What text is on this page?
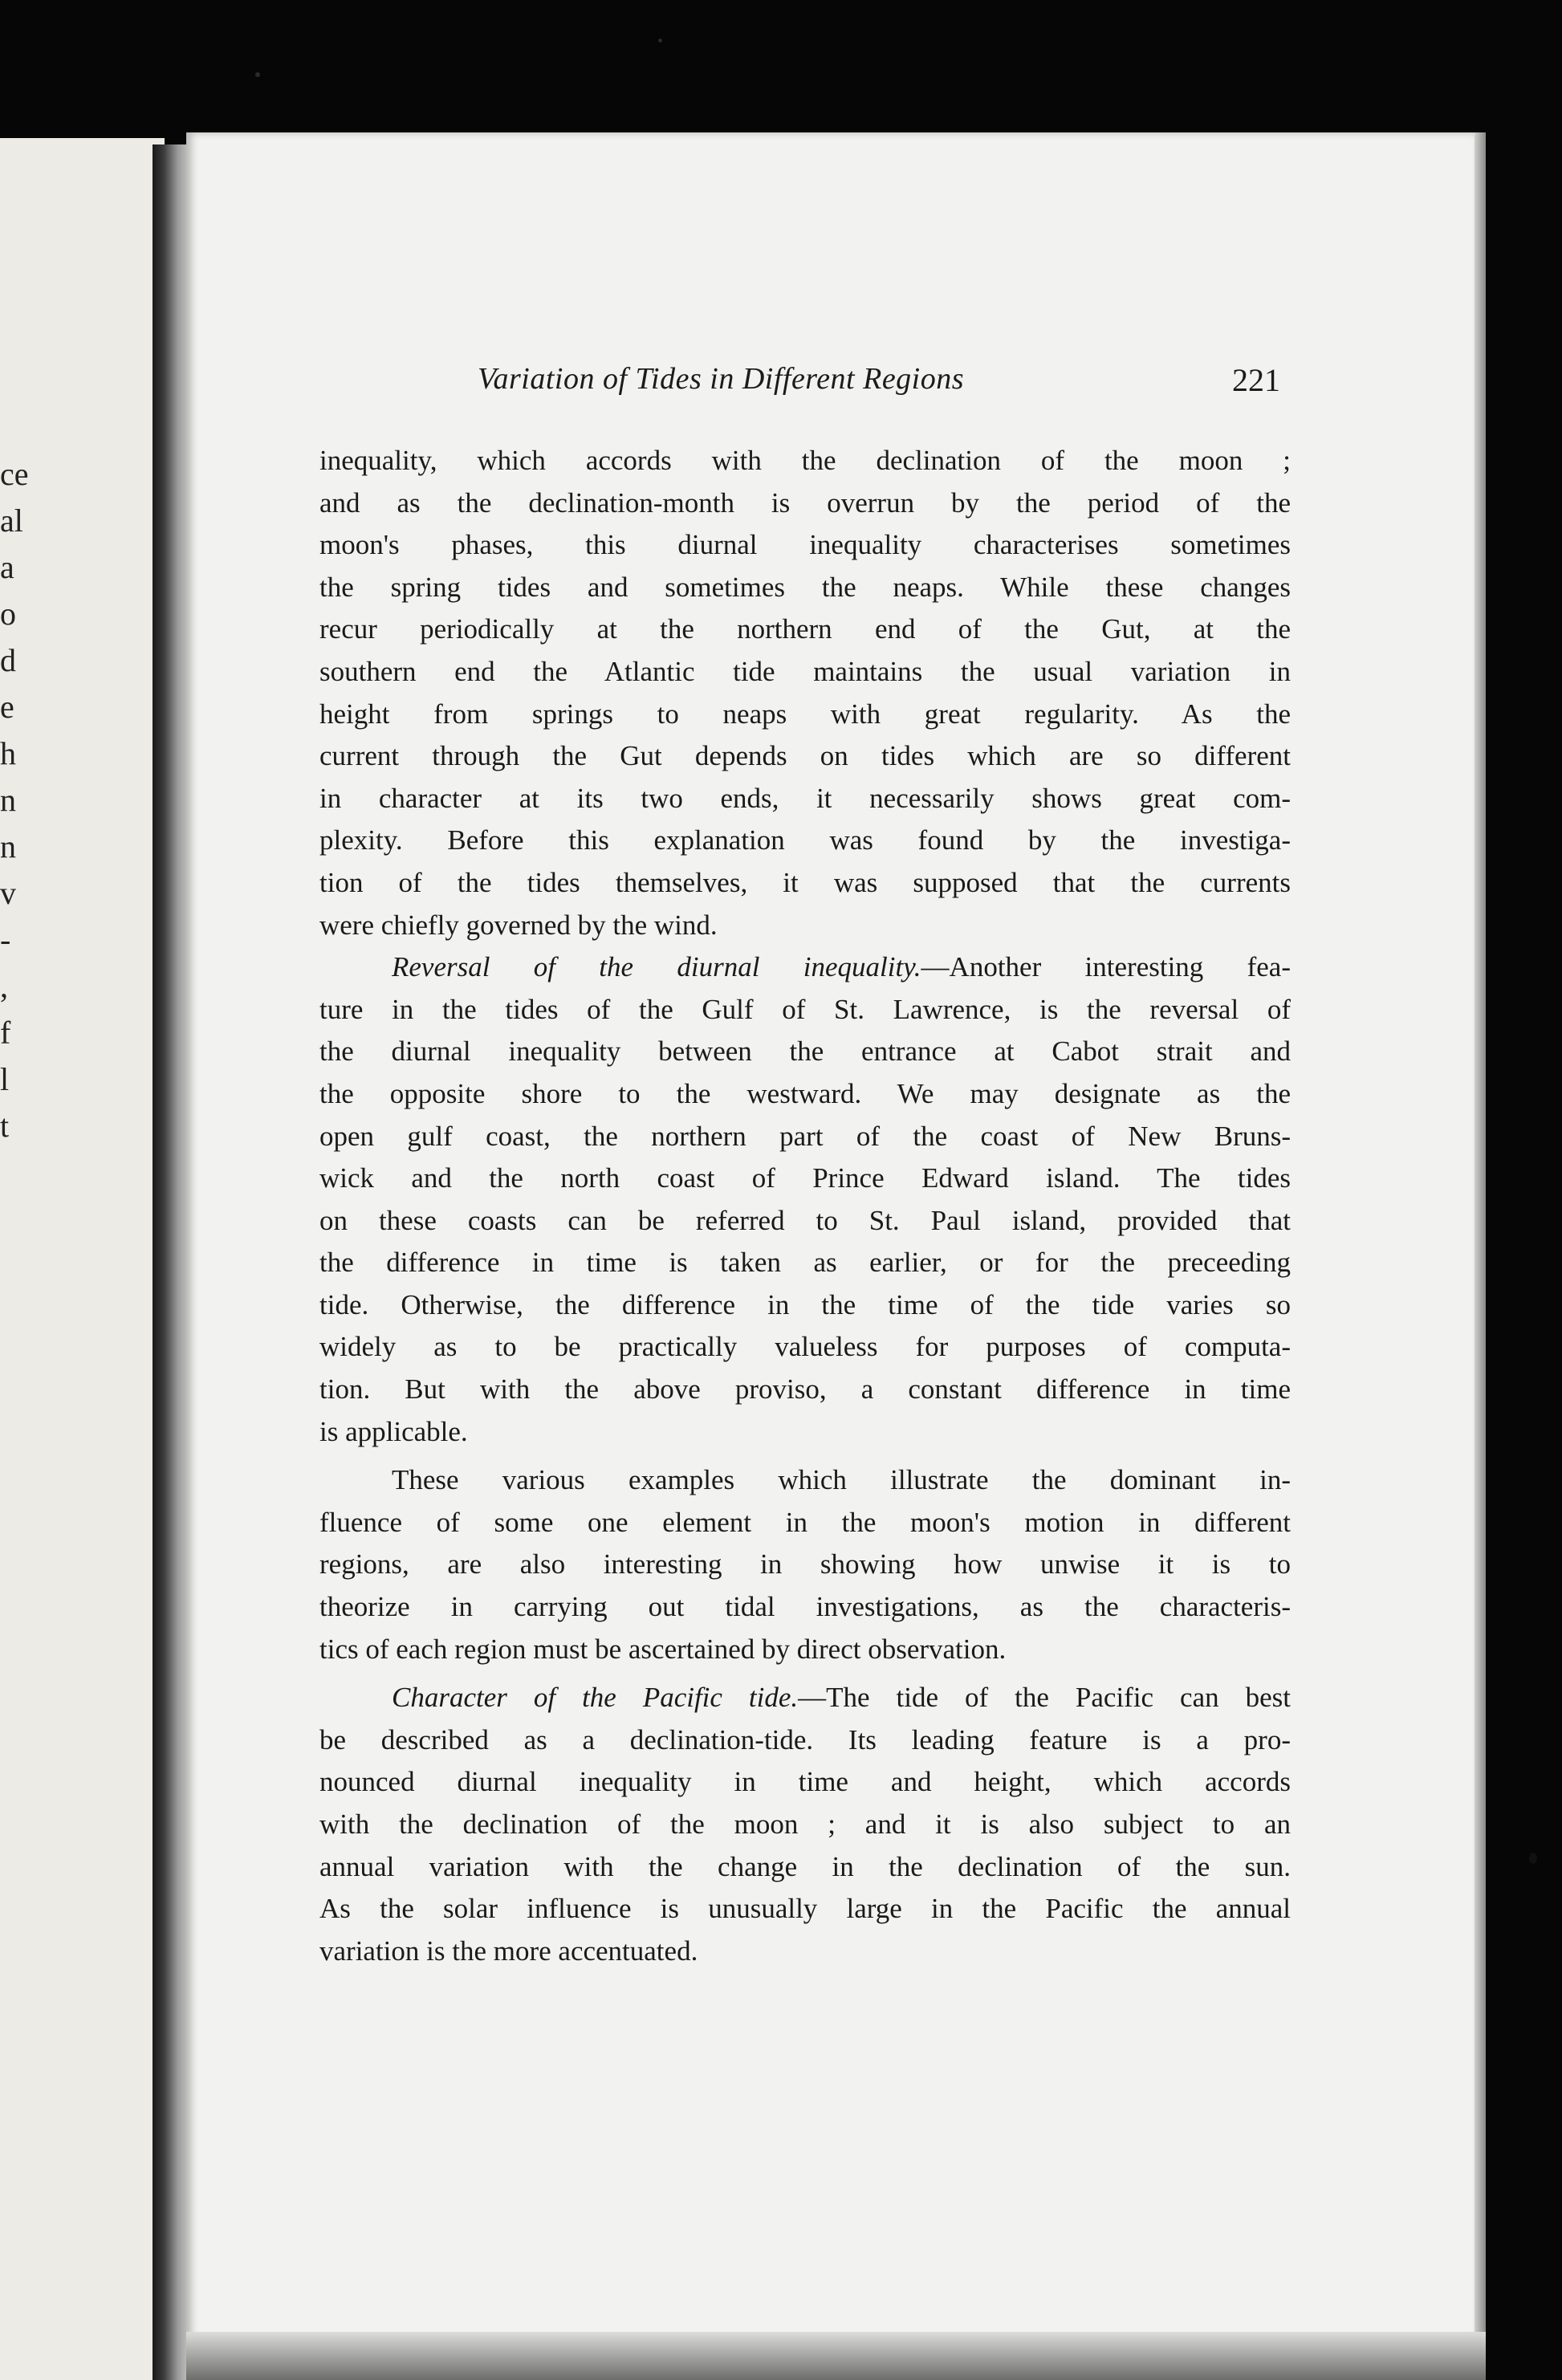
ce
al
a
o
d
e
h
n
n
v
-
,
f
l
t
Variation of Tides in Different Regions	221
inequality, which accords with the declination of the moon ;
and as the declination-month is overrun by the period of the
moon's phases, this diurnal inequality characterises sometimes
the spring tides and sometimes the neaps. While these changes
recur periodically at the northern end of the Gut, at the
southern end the Atlantic tide maintains the usual variation in
height from springs to neaps with great regularity. As the
current through the Gut depends on tides which are so different
in character at its two ends, it necessarily shows great com-
plexity. Before this explanation was found by the investiga-
tion of the tides themselves, it was supposed that the currents
were chiefly governed by the wind.
Reversal of the diurnal inequality.—Another interesting fea-
ture in the tides of the Gulf of St. Lawrence, is the reversal of
the diurnal inequality between the entrance at Cabot strait and
the opposite shore to the westward. We may designate as the
open gulf coast, the northern part of the coast of New Bruns-
wick and the north coast of Prince Edward island. The tides
on these coasts can be referred to St. Paul island, provided that
the difference in time is taken as earlier, or for the preceeding
tide. Otherwise, the difference in the time of the tide varies so
widely as to be practically valueless for purposes of computa-
tion. But with the above proviso, a constant difference in time
is applicable.
These various examples which illustrate the dominant in-
fluence of some one element in the moon's motion in different
regions, are also interesting in showing how unwise it is to
theorize in carrying out tidal investigations, as the characteris-
tics of each region must be ascertained by direct observation.
Character of the Pacific tide.—The tide of the Pacific can best
be described as a declination-tide. Its leading feature is a pro-
nounced diurnal inequality in time and height, which accords
with the declination of the moon ; and it is also subject to an
annual variation with the change in the declination of the sun.
As the solar influence is unusually large in the Pacific the annual
variation is the more accentuated.
